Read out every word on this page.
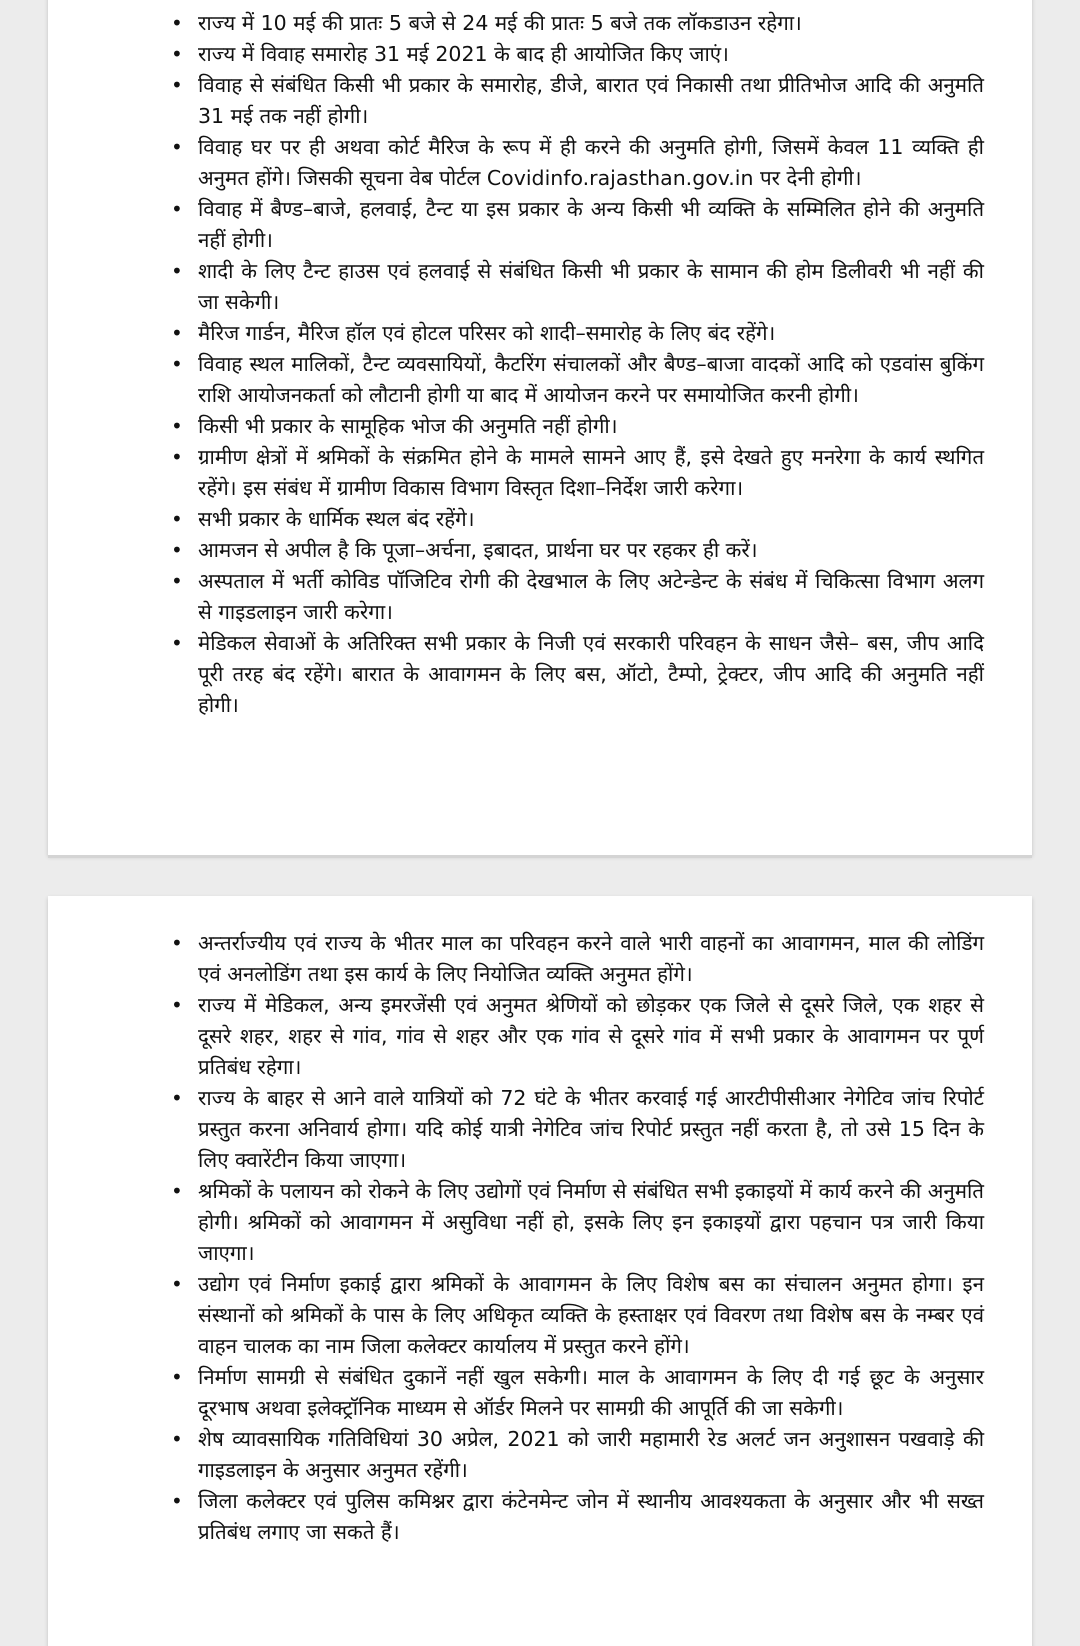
• राज्य में 10 मई की प्रातः 5 बजे से 24 मई की प्रातः 5 बजे तक लॉकडाउन रहेगा।
• राज्य में विवाह समारोह 31 मई 2021 के बाद ही आयोजित किए जाएं।
• विवाह से संबंधित किसी भी प्रकार के समारोह, डीजे, बारात एवं निकासी तथा प्रीतिभोज आदि की अनुमति 31 मई तक नहीं होगी।
• विवाह घर पर ही अथवा कोर्ट मैरिज के रूप में ही करने की अनुमति होगी, जिसमें केवल 11 व्यक्ति ही अनुमत होंगे। जिसकी सूचना वेब पोर्टल Covidinfo.rajasthan.gov.in पर देनी होगी।
• विवाह में बैण्ड–बाजे, हलवाई, टैन्ट या इस प्रकार के अन्य किसी भी व्यक्ति के सम्मिलित होने की अनुमति नहीं होगी।
• शादी के लिए टैन्ट हाउस एवं हलवाई से संबंधित किसी भी प्रकार के सामान की होम डिलीवरी भी नहीं की जा सकेगी।
• मैरिज गार्डन, मैरिज हॉल एवं होटल परिसर को शादी–समारोह के लिए बंद रहेंगे।
• विवाह स्थल मालिकों, टैन्ट व्यवसायियों, कैटरिंग संचालकों और बैण्ड–बाजा वादकों आदि को एडवांस बुकिंग राशि आयोजनकर्ता को लौटानी होगी या बाद में आयोजन करने पर समायोजित करनी होगी।
• किसी भी प्रकार के सामूहिक भोज की अनुमति नहीं होगी।
• ग्रामीण क्षेत्रों में श्रमिकों के संक्रमित होने के मामले सामने आए हैं, इसे देखते हुए मनरेगा के कार्य स्थगित रहेंगे। इस संबंध में ग्रामीण विकास विभाग विस्तृत दिशा–निर्देश जारी करेगा।
• सभी प्रकार के धार्मिक स्थल बंद रहेंगे।
• आमजन से अपील है कि पूजा–अर्चना, इबादत, प्रार्थना घर पर रहकर ही करें।
• अस्पताल में भर्ती कोविड पॉजिटिव रोगी की देखभाल के लिए अटेन्डेन्ट के संबंध में चिकित्सा विभाग अलग से गाइडलाइन जारी करेगा।
• मेडिकल सेवाओं के अतिरिक्त सभी प्रकार के निजी एवं सरकारी परिवहन के साधन जैसे– बस, जीप आदि पूरी तरह बंद रहेंगे। बारात के आवागमन के लिए बस, ऑटो, टैम्पो, ट्रेक्टर, जीप आदि की अनुमति नहीं होगी।
• अन्तर्राज्यीय एवं राज्य के भीतर माल का परिवहन करने वाले भारी वाहनों का आवागमन, माल की लोडिंग एवं अनलोडिंग तथा इस कार्य के लिए नियोजित व्यक्ति अनुमत होंगे।
• राज्य में मेडिकल, अन्य इमरजेंसी एवं अनुमत श्रेणियों को छोड़कर एक जिले से दूसरे जिले, एक शहर से दूसरे शहर, शहर से गांव, गांव से शहर और एक गांव से दूसरे गांव में सभी प्रकार के आवागमन पर पूर्ण प्रतिबंध रहेगा।
• राज्य के बाहर से आने वाले यात्रियों को 72 घंटे के भीतर करवाई गई आरटीपीसीआर नेगेटिव जांच रिपोर्ट प्रस्तुत करना अनिवार्य होगा। यदि कोई यात्री नेगेटिव जांच रिपोर्ट प्रस्तुत नहीं करता है, तो उसे 15 दिन के लिए क्वारेंटीन किया जाएगा।
• श्रमिकों के पलायन को रोकने के लिए उद्योगों एवं निर्माण से संबंधित सभी इकाइयों में कार्य करने की अनुमति होगी। श्रमिकों को आवागमन में असुविधा नहीं हो, इसके लिए इन इकाइयों द्वारा पहचान पत्र जारी किया जाएगा।
• उद्योग एवं निर्माण इकाई द्वारा श्रमिकों के आवागमन के लिए विशेष बस का संचालन अनुमत होगा। इन संस्थानों को श्रमिकों के पास के लिए अधिकृत व्यक्ति के हस्ताक्षर एवं विवरण तथा विशेष बस के नम्बर एवं वाहन चालक का नाम जिला कलेक्टर कार्यालय में प्रस्तुत करने होंगे।
• निर्माण सामग्री से संबंधित दुकानें नहीं खुल सकेगी। माल के आवागमन के लिए दी गई छूट के अनुसार दूरभाष अथवा इलेक्ट्रॉनिक माध्यम से ऑर्डर मिलने पर सामग्री की आपूर्ति की जा सकेगी।
• शेष व्यावसायिक गतिविधियां 30 अप्रेल, 2021 को जारी महामारी रेड अलर्ट जन अनुशासन पखवाड़े की गाइडलाइन के अनुसार अनुमत रहेंगी।
• जिला कलेक्टर एवं पुलिस कमिश्नर द्वारा कंटेनमेन्ट जोन में स्थानीय आवश्यकता के अनुसार और भी सख्त प्रतिबंध लगाए जा सकते हैं।
